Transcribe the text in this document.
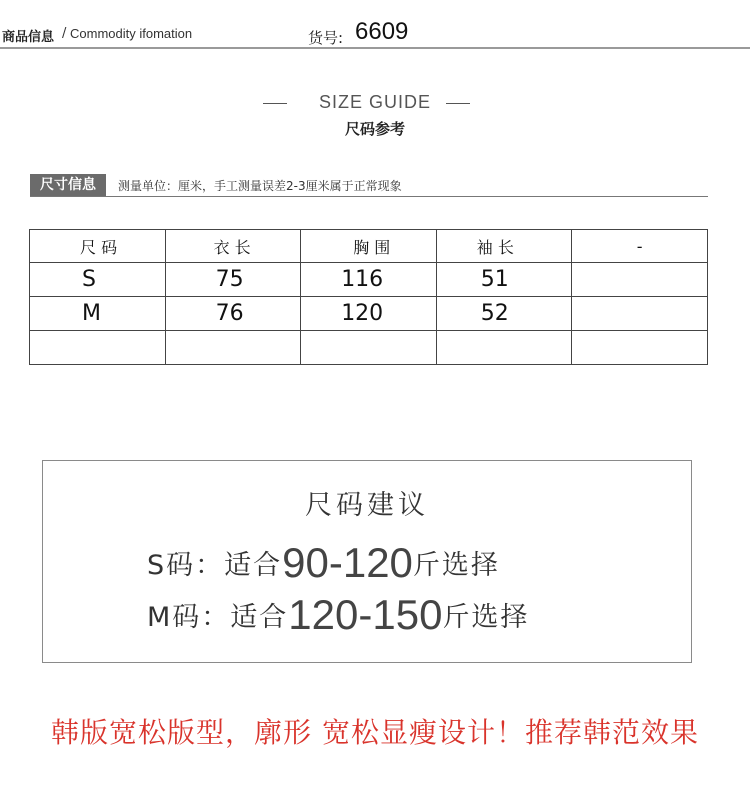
商品信息 / Commodity ifomation	货号: 6609
SIZE GUIDE
尺码参考
尺寸信息	测量单位：厘米，手工测量误差2-3厘米属于正常现象
尺 码	衣 长	胸 围	袖 长	-
S	75	116	51	
M	76	120	52	

尺码建议
S码：适合90-120斤选择
M码：适合120-150斤选择
韩版宽松版型，廓形 宽松显瘦设计！推荐韩范效果
